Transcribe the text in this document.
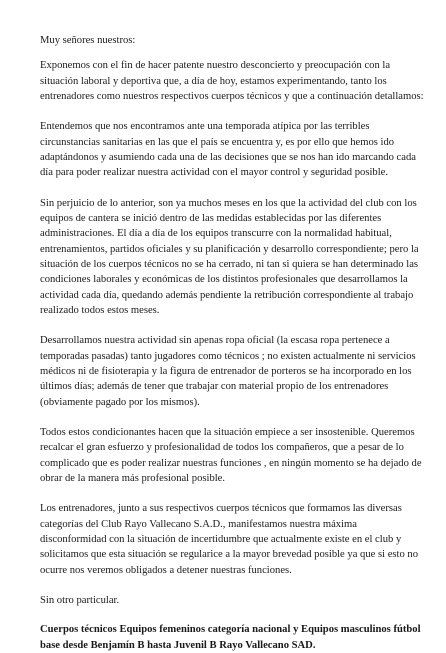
Muy señores nuestros:

Exponemos con el fin de hacer patente nuestro desconcierto y preocupación con la situación laboral y deportiva que, a día de hoy, estamos experimentando, tanto los entrenadores como nuestros respectivos cuerpos técnicos y que a continuación detallamos:

Entendemos que nos encontramos ante una temporada atípica por las terribles circunstancias sanitarias en las que el país se encuentra y, es por ello que hemos ido adaptándonos y asumiendo cada una de las decisiones que se nos han ido marcando cada día para poder realizar nuestra actividad con el mayor control y seguridad posible.

Sin perjuicio de lo anterior, son ya muchos meses en los que la actividad del club con los equipos de cantera se inició dentro de las medidas establecidas por las diferentes administraciones. El día a día de los equipos transcurre con la normalidad habitual, entrenamientos, partidos oficiales y su planificación y desarrollo correspondiente; pero la situación de los cuerpos técnicos no se ha cerrado, ni tan si quiera se han determinado las condiciones laborales y económicas de los distintos profesionales que desarrollamos la actividad cada día, quedando además pendiente la retribución correspondiente al trabajo realizado todos estos meses.

Desarrollamos nuestra actividad sin apenas ropa oficial (la escasa ropa pertenece a temporadas pasadas) tanto jugadores como técnicos ; no existen actualmente ni servicios médicos ni de fisioterapia y la figura de entrenador de porteros se ha incorporado en los últimos días; además de tener que trabajar con material propio de los entrenadores (obviamente pagado por los mismos).

Todos estos condicionantes hacen que la situación empiece a ser insostenible. Queremos recalcar el gran esfuerzo y profesionalidad de todos los compañeros, que a pesar de lo complicado que es poder realizar nuestras funciones , en ningún momento se ha dejado de obrar de la manera más profesional posible.

Los entrenadores, junto a sus respectivos cuerpos técnicos que formamos las diversas categorías del Club Rayo Vallecano S.A.D., manifestamos nuestra máxima disconformidad con la situación de incertidumbre que actualmente existe en el club y solicitamos que esta situación se regularice a la mayor brevedad posible ya que si esto no ocurre nos veremos obligados a detener nuestras funciones.

Sin otro particular.

Cuerpos técnicos Equipos femeninos categoría nacional y Equipos masculinos fútbol base desde Benjamín B hasta Juvenil B Rayo Vallecano SAD.
